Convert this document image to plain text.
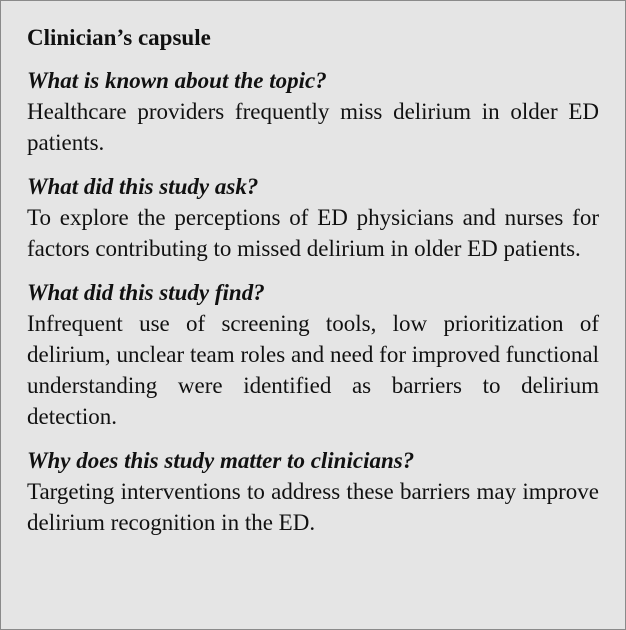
Clinician’s capsule

What is known about the topic?

Healthcare providers frequently miss delirium in older ED patients.

What did this study ask?

To explore the perceptions of ED physicians and nurses for factors contributing to missed delirium in older ED patients.

What did this study find?

Infrequent use of screening tools, low prioritization of delirium, unclear team roles and need for improved functional understanding were identified as barriers to delirium detection.

Why does this study matter to clinicians?

Targeting interventions to address these barriers may improve delirium recognition in the ED.
